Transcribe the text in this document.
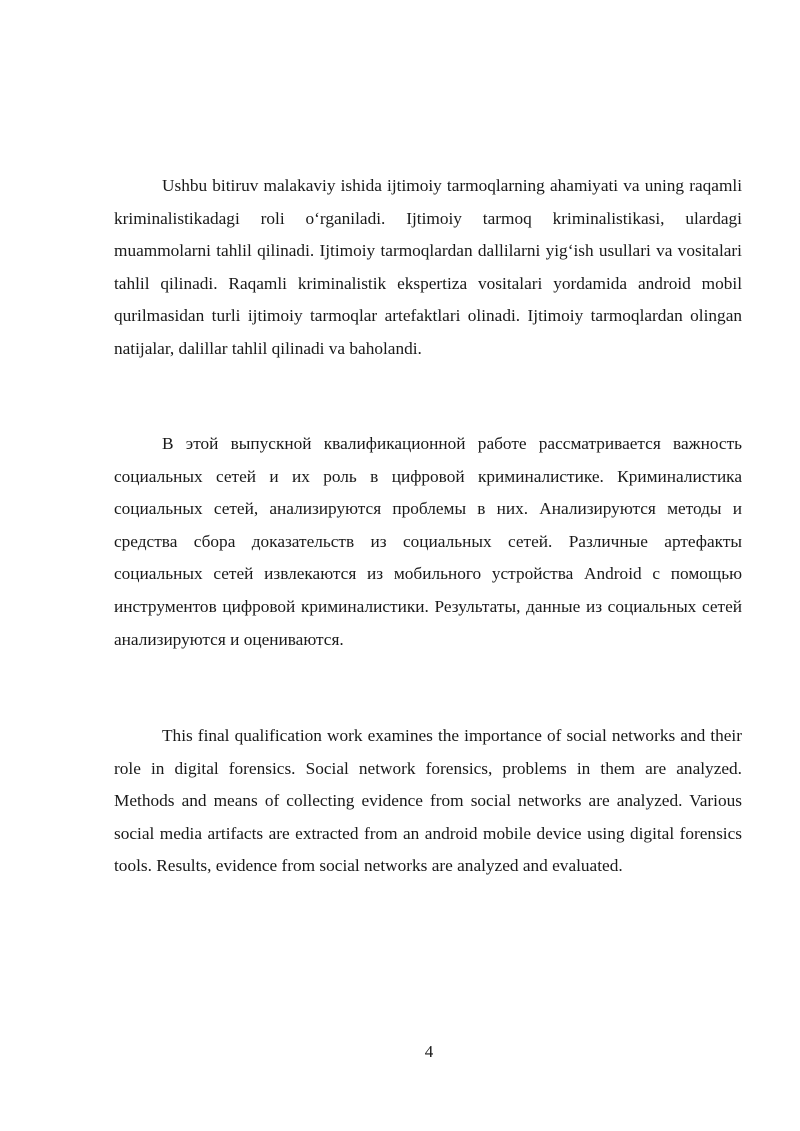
Ushbu bitiruv malakaviy ishida ijtimoiy tarmoqlarning ahamiyati va uning raqamli kriminalistikadagi roli o‘rganiladi. Ijtimoiy tarmoq kriminalistikasi, ulardagi muammolarni tahlil qilinadi. Ijtimoiy tarmoqlardan dallilarni yig‘ish usullari va vositalari tahlil qilinadi. Raqamli kriminalistik ekspertiza vositalari yordamida android mobil qurilmasidan turli ijtimoiy tarmoqlar artefaktlari olinadi. Ijtimoiy tarmoqlardan olingan natijalar, dalillar tahlil qilinadi va baholandi.

В этой выпускной квалификационной работе рассматривается важность социальных сетей и их роль в цифровой криминалистике. Криминалистика социальных сетей, анализируются проблемы в них. Анализируются методы и средства сбора доказательств из социальных сетей. Различные артефакты социальных сетей извлекаются из мобильного устройства Android с помощью инструментов цифровой криминалистики. Результаты, данные из социальных сетей анализируются и оцениваются.

This final qualification work examines the importance of social networks and their role in digital forensics. Social network forensics, problems in them are analyzed. Methods and means of collecting evidence from social networks are analyzed. Various social media artifacts are extracted from an android mobile device using digital forensics tools. Results, evidence from social networks are analyzed and evaluated.

4
